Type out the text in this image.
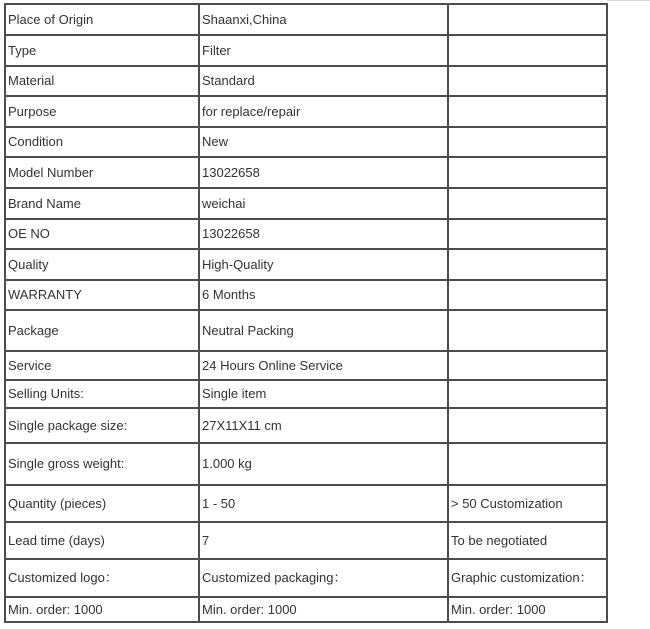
Place of Origin	Shaanxi,China	
Type	Filter	
Material	Standard	
Purpose	for replace/repair	
Condition	New	
Model Number	13022658	
Brand Name	weichai	
OE NO	13022658	
Quality	High-Quality	
WARRANTY	6 Months	
Package	Neutral Packing	
Service	24 Hours Online Service	
Selling Units:	Single item	
Single package size:	27X11X11 cm	
Single gross weight:	1.000 kg	
Quantity (pieces)	1 - 50	> 50 Customization
Lead time (days)	7	To be negotiated
Customized logo：	Customized packaging：	Graphic customization：
Min. order: 1000	Min. order: 1000	Min. order: 1000
